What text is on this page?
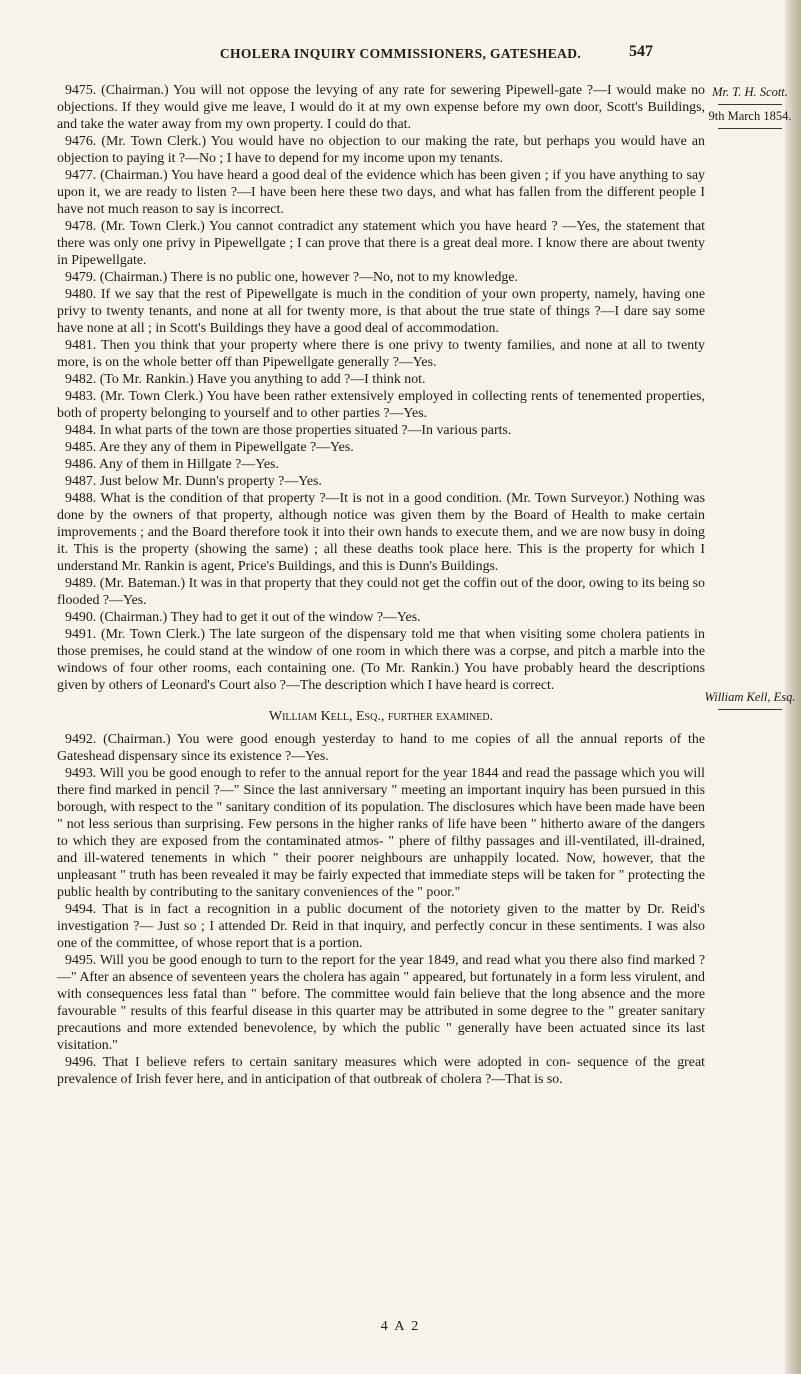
CHOLERA INQUIRY COMMISSIONERS, GATESHEAD.	547
Mr. T. H. Scott.
9th March 1854.
William Kell, Esq.

9475. (Chairman.) You will not oppose the levying of any rate for sewering Pipewell-gate ?—I would make no objections. If they would give me leave, I would do it at my own expense before my own door, Scott's Buildings, and take the water away from my own property. I could do that.

9476. (Mr. Town Clerk.) You would have no objection to our making the rate, but perhaps you would have an objection to paying it ?—No ; I have to depend for my income upon my tenants.

9477. (Chairman.) You have heard a good deal of the evidence which has been given ; if you have anything to say upon it, we are ready to listen ?—I have been here these two days, and what has fallen from the different people I have not much reason to say is incorrect.

9478. (Mr. Town Clerk.) You cannot contradict any statement which you have heard ? —Yes, the statement that there was only one privy in Pipewellgate ; I can prove that there is a great deal more. I know there are about twenty in Pipewellgate.

9479. (Chairman.) There is no public one, however ?—No, not to my knowledge.

9480. If we say that the rest of Pipewellgate is much in the condition of your own property, namely, having one privy to twenty tenants, and none at all for twenty more, is that about the true state of things ?—I dare say some have none at all ; in Scott's Buildings they have a good deal of accommodation.

9481. Then you think that your property where there is one privy to twenty families, and none at all to twenty more, is on the whole better off than Pipewellgate generally ?—Yes.

9482. (To Mr. Rankin.) Have you anything to add ?—I think not.

9483. (Mr. Town Clerk.) You have been rather extensively employed in collecting rents of tenemented properties, both of property belonging to yourself and to other parties ?—Yes.

9484. In what parts of the town are those properties situated ?—In various parts.

9485. Are they any of them in Pipewellgate ?—Yes.

9486. Any of them in Hillgate ?—Yes.

9487. Just below Mr. Dunn's property ?—Yes.

9488. What is the condition of that property ?—It is not in a good condition. (Mr. Town Surveyor.) Nothing was done by the owners of that property, although notice was given them by the Board of Health to make certain improvements ; and the Board therefore took it into their own hands to execute them, and we are now busy in doing it. This is the property (showing the same) ; all these deaths took place here. This is the property for which I understand Mr. Rankin is agent, Price's Buildings, and this is Dunn's Buildings.

9489. (Mr. Bateman.) It was in that property that they could not get the coffin out of the door, owing to its being so flooded ?—Yes.

9490. (Chairman.) They had to get it out of the window ?—Yes.

9491. (Mr. Town Clerk.) The late surgeon of the dispensary told me that when visiting some cholera patients in those premises, he could stand at the window of one room in which there was a corpse, and pitch a marble into the windows of four other rooms, each containing one. (To Mr. Rankin.) You have probably heard the descriptions given by others of Leonard's Court also ?—The description which I have heard is correct.

William Kell, Esq., further examined.

9492. (Chairman.) You were good enough yesterday to hand to me copies of all the annual reports of the Gateshead dispensary since its existence ?—Yes.

9493. Will you be good enough to refer to the annual report for the year 1844 and read the passage which you will there find marked in pencil ?—" Since the last anniversary " meeting an important inquiry has been pursued in this borough, with respect to the " sanitary condition of its population. The disclosures which have been made have been " not less serious than surprising. Few persons in the higher ranks of life have been " hitherto aware of the dangers to which they are exposed from the contaminated atmos- " phere of filthy passages and ill-ventilated, ill-drained, and ill-watered tenements in which " their poorer neighbours are unhappily located. Now, however, that the unpleasant " truth has been revealed it may be fairly expected that immediate steps will be taken for " protecting the public health by contributing to the sanitary conveniences of the " poor."

9494. That is in fact a recognition in a public document of the notoriety given to the matter by Dr. Reid's investigation ?— Just so ; I attended Dr. Reid in that inquiry, and perfectly concur in these sentiments. I was also one of the committee, of whose report that is a portion.

9495. Will you be good enough to turn to the report for the year 1849, and read what you there also find marked ?—" After an absence of seventeen years the cholera has again " appeared, but fortunately in a form less virulent, and with consequences less fatal than " before. The committee would fain believe that the long absence and the more favourable " results of this fearful disease in this quarter may be attributed in some degree to the " greater sanitary precautions and more extended benevolence, by which the public " generally have been actuated since its last visitation."

9496. That I believe refers to certain sanitary measures which were adopted in con- sequence of the great prevalence of Irish fever here, and in anticipation of that outbreak of cholera ?—That is so.

4 A 2
